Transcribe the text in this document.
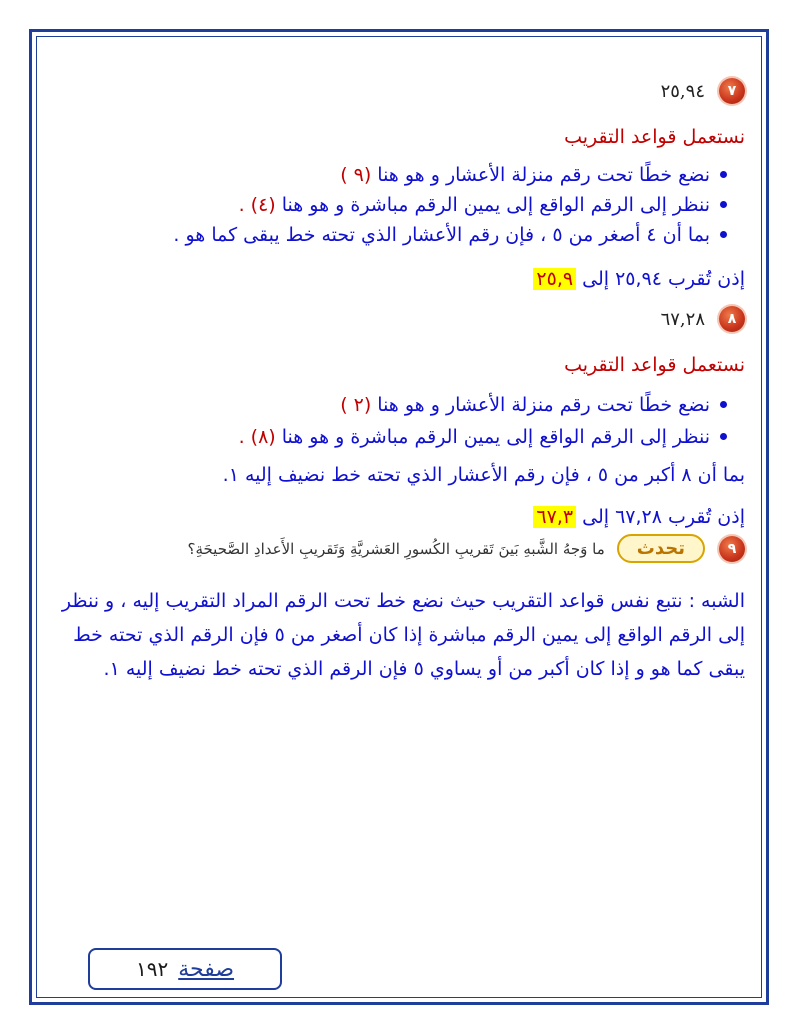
٧
٢٥,٩٤
نستعمل قواعد التقريب
نضع خطًا تحت رقم منزلة الأعشار و هو هنا
(٩ )
ننظر إلى الرقم الواقع إلى يمين الرقم مباشرة و هو هنا
(٤) .
بما أن ٤ أصغر من ٥ ، فإن رقم الأعشار الذي تحته خط يبقى كما هو .
إذن تُقرب ٢٥,٩٤ إلى ٢٥,٩
٨
٦٧,٢٨
نستعمل قواعد التقريب
نضع خطًا تحت رقم منزلة الأعشار و هو هنا
(٢ )
ننظر إلى الرقم الواقع إلى يمين الرقم مباشرة و هو هنا
(٨) .
بما أن ٨ أكبر من ٥ ، فإن رقم الأعشار الذي تحته خط نضيف إليه ١.
إذن تُقرب ٦٧,٢٨ إلى ٦٧,٣
٩
تحدث
ما وَجهُ الشَّبهِ بَينَ تَقريبِ الكُسورِ العَشريَّةِ وَتَقريبِ الأَعدادِ الصَّحيحَةِ؟
الشبه : نتبع نفس قواعد التقريب حيث نضع خط تحت الرقم المراد التقريب إليه ، و ننظر إلى الرقم الواقع إلى يمين الرقم مباشرة إذا كان أصغر من ٥ فإن الرقم الذي تحته خط يبقى كما هو و إذا كان أكبر من أو يساوي ٥ فإن الرقم الذي تحته خط نضيف إليه ١.
صفحة
١٩٢
